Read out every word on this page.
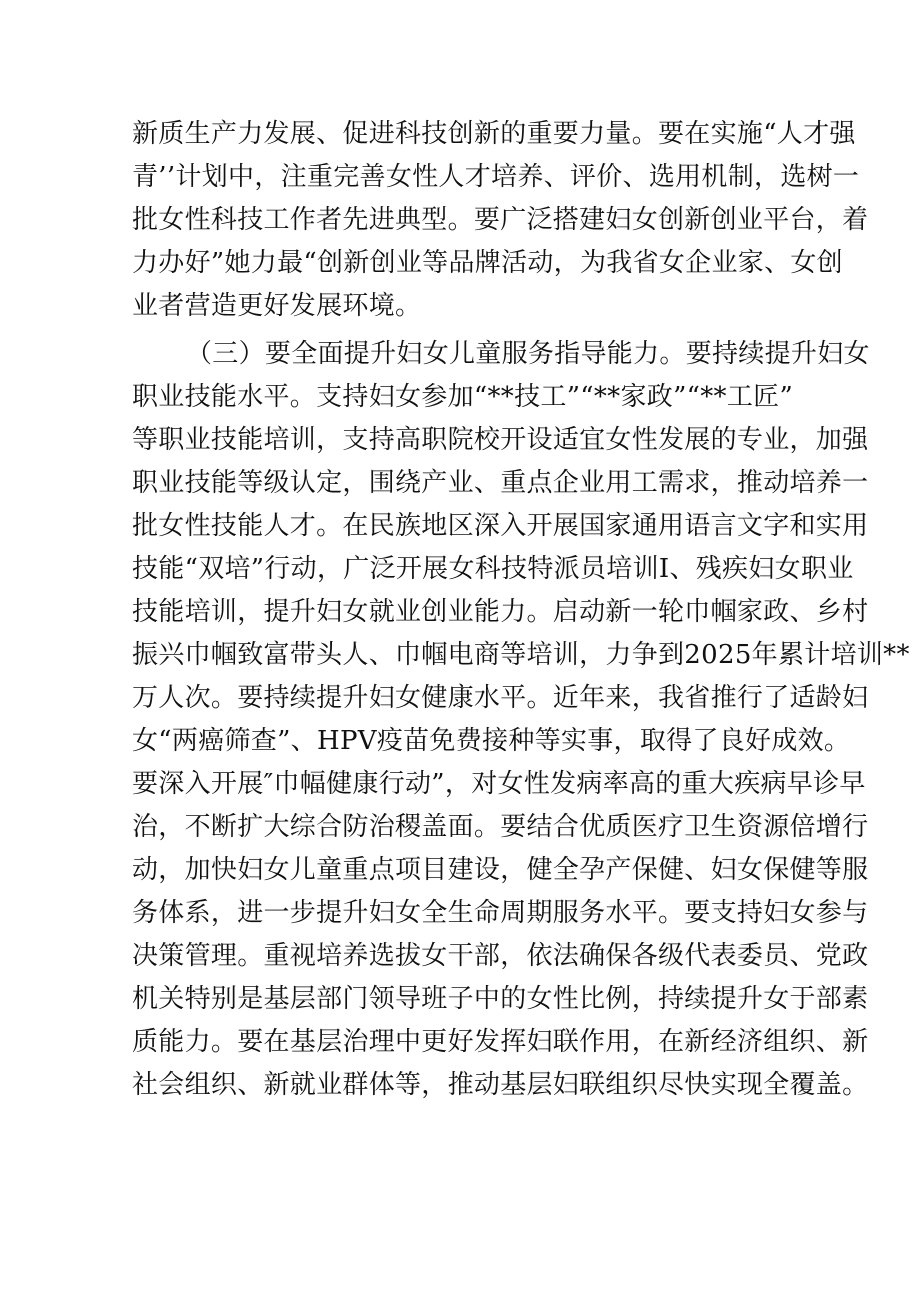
新质生产力发展、促进科技创新的重要力量。要在实施“人才强
青’’计划中，注重完善女性人才培养、评价、选用机制，选树一
批女性科技工作者先进典型。要广泛搭建妇女创新创业平台，着
力办好”她力最“创新创业等品牌活动，为我省女企业家、女创
业者营造更好发展环境。
（三）要全面提升妇女儿童服务指导能力。要持续提升妇女
职业技能水平。支持妇女参加“**技工”“**家政”“**工匠”
等职业技能培训，支持高职院校开设适宜女性发展的专业，加强
职业技能等级认定，围绕产业、重点企业用工需求，推动培养一
批女性技能人才。在民族地区深入开展国家通用语言文字和实用
技能“双培”行动，广泛开展女科技特派员培训I、残疾妇女职业
技能培训，提升妇女就业创业能力。启动新一轮巾帼家政、乡村
振兴巾帼致富带头人、巾帼电商等培训，力争到2025年累计培训**
万人次。要持续提升妇女健康水平。近年来，我省推行了适龄妇
女“两癌筛查”、HPV疫苗免费接种等实事，取得了良好成效。
要深入开展″巾幅健康行动”，对女性发病率高的重大疾病早诊早
治，不断扩大综合防治稷盖面。要结合优质医疗卫生资源倍增行
动，加快妇女儿童重点项目建设，健全孕产保健、妇女保健等服
务体系，进一步提升妇女全生命周期服务水平。要支持妇女参与
决策管理。重视培养选拔女干部，依法确保各级代表委员、党政
机关特别是基层部门领导班子中的女性比例，持续提升女于部素
质能力。要在基层治理中更好发挥妇联作用，在新经济组织、新
社会组织、新就业群体等，推动基层妇联组织尽快实现全覆盖。
